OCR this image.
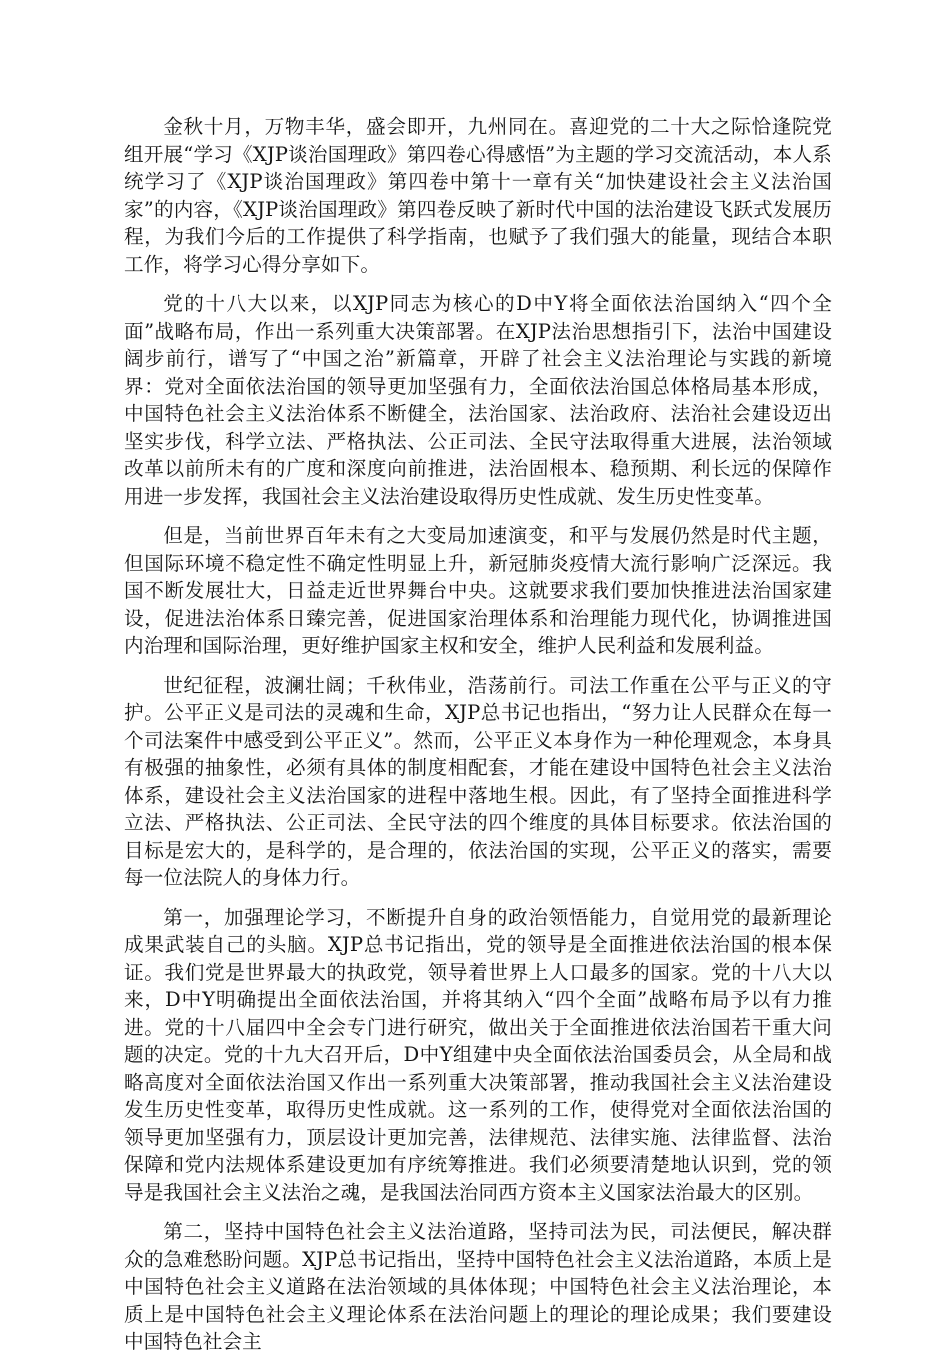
金秋十月，万物丰华，盛会即开，九州同在。喜迎党的二十大之际恰逢院党组开展“学习《XJP谈治国理政》第四卷心得感悟”为主题的学习交流活动，本人系统学习了《XJP谈治国理政》第四卷中第十一章有关“加快建设社会主义法治国家”的内容，《XJP谈治国理政》第四卷反映了新时代中国的法治建设飞跃式发展历程，为我们今后的工作提供了科学指南，也赋予了我们强大的能量，现结合本职工作，将学习心得分享如下。

党的十八大以来，以XJP同志为核心的D中Y将全面依法治国纳入“四个全面”战略布局，作出一系列重大决策部署。在XJP法治思想指引下，法治中国建设阔步前行，谱写了“中国之治”新篇章，开辟了社会主义法治理论与实践的新境界：党对全面依法治国的领导更加坚强有力，全面依法治国总体格局基本形成，中国特色社会主义法治体系不断健全，法治国家、法治政府、法治社会建设迈出坚实步伐，科学立法、严格执法、公正司法、全民守法取得重大进展，法治领域改革以前所未有的广度和深度向前推进，法治固根本、稳预期、利长远的保障作用进一步发挥，我国社会主义法治建设取得历史性成就、发生历史性变革。

但是，当前世界百年未有之大变局加速演变，和平与发展仍然是时代主题，但国际环境不稳定性不确定性明显上升，新冠肺炎疫情大流行影响广泛深远。我国不断发展壮大，日益走近世界舞台中央。这就要求我们要加快推进法治国家建设，促进法治体系日臻完善，促进国家治理体系和治理能力现代化，协调推进国内治理和国际治理，更好维护国家主权和安全，维护人民利益和发展利益。

世纪征程，波澜壮阔；千秋伟业，浩荡前行。司法工作重在公平与正义的守护。公平正义是司法的灵魂和生命，XJP总书记也指出，“努力让人民群众在每一个司法案件中感受到公平正义”。然而，公平正义本身作为一种伦理观念，本身具有极强的抽象性，必须有具体的制度相配套，才能在建设中国特色社会主义法治体系，建设社会主义法治国家的进程中落地生根。因此，有了坚持全面推进科学立法、严格执法、公正司法、全民守法的四个维度的具体目标要求。依法治国的目标是宏大的，是科学的，是合理的，依法治国的实现，公平正义的落实，需要每一位法院人的身体力行。

第一，加强理论学习，不断提升自身的政治领悟能力，自觉用党的最新理论成果武装自己的头脑。XJP总书记指出，党的领导是全面推进依法治国的根本保证。我们党是世界最大的执政党，领导着世界上人口最多的国家。党的十八大以来，D中Y明确提出全面依法治国，并将其纳入“四个全面”战略布局予以有力推进。党的十八届四中全会专门进行研究，做出关于全面推进依法治国若干重大问题的决定。党的十九大召开后，D中Y组建中央全面依法治国委员会，从全局和战略高度对全面依法治国又作出一系列重大决策部署，推动我国社会主义法治建设发生历史性变革，取得历史性成就。这一系列的工作，使得党对全面依法治国的领导更加坚强有力，顶层设计更加完善，法律规范、法律实施、法律监督、法治保障和党内法规体系建设更加有序统筹推进。我们必须要清楚地认识到，党的领导是我国社会主义法治之魂，是我国法治同西方资本主义国家法治最大的区别。

第二，坚持中国特色社会主义法治道路，坚持司法为民，司法便民，解决群众的急难愁盼问题。XJP总书记指出，坚持中国特色社会主义法治道路，本质上是中国特色社会主义道路在法治领域的具体体现；中国特色社会主义法治理论，本质上是中国特色社会主义理论体系在法治问题上的理论的理论成果；我们要建设中国特色社会主
